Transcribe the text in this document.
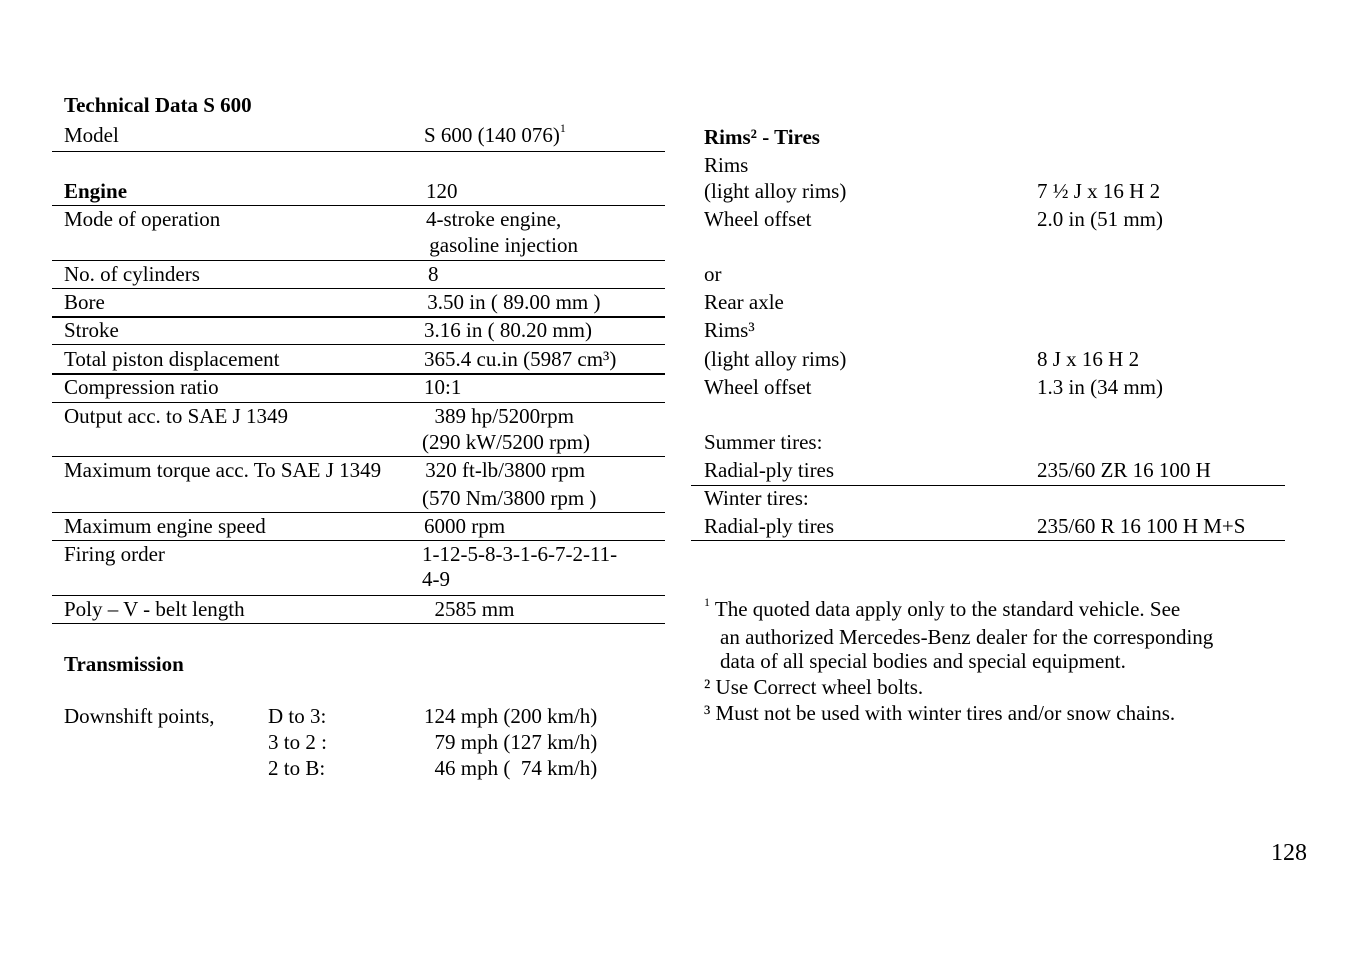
Technical Data S 600
Model	S 600 (140 076)$^1$
Engine	120
Mode of operation	4-stroke engine,
gasoline injection
No. of cylinders	8
Bore	3.50 in ( 89.00 mm )
Stroke	3.16 in ( 80.20 mm)
Total piston displacement	365.4 cu.in (5987 cm³)
Compression ratio	10:1
Output acc. to SAE J 1349	389 hp/5200rpm
(290 kW/5200 rpm)
Maximum torque acc. To SAE J 1349 320 ft-lb/3800 rpm
(570 Nm/3800 rpm )
Maximum engine speed	6000 rpm
Firing order	1-12-5-8-3-1-6-7-2-11-
4-9
Poly – V - belt length	2585 mm
Transmission
Downshift points,	D to 3:	124 mph (200 km/h)
3 to 2 :	79 mph (127 km/h)
2 to B:	46 mph (  74 km/h)
Rims² - Tires
Rims
(light alloy rims)	7 ½ J x 16 H 2
Wheel offset	2.0 in (51 mm)
or
Rear axle
Rims³
(light alloy rims)	8 J x 16 H 2
Wheel offset	1.3 in (34 mm)
Summer tires:
Radial-ply tires	235/60 ZR 16 100 H
Winter tires:
Radial-ply tires	235/60 R 16 100 H M+S
$^1$ The quoted data apply only to the standard vehicle. See
an authorized Mercedes-Benz dealer for the corresponding
data of all special bodies and special equipment.
² Use Correct wheel bolts.
³ Must not be used with winter tires and/or snow chains.
128
